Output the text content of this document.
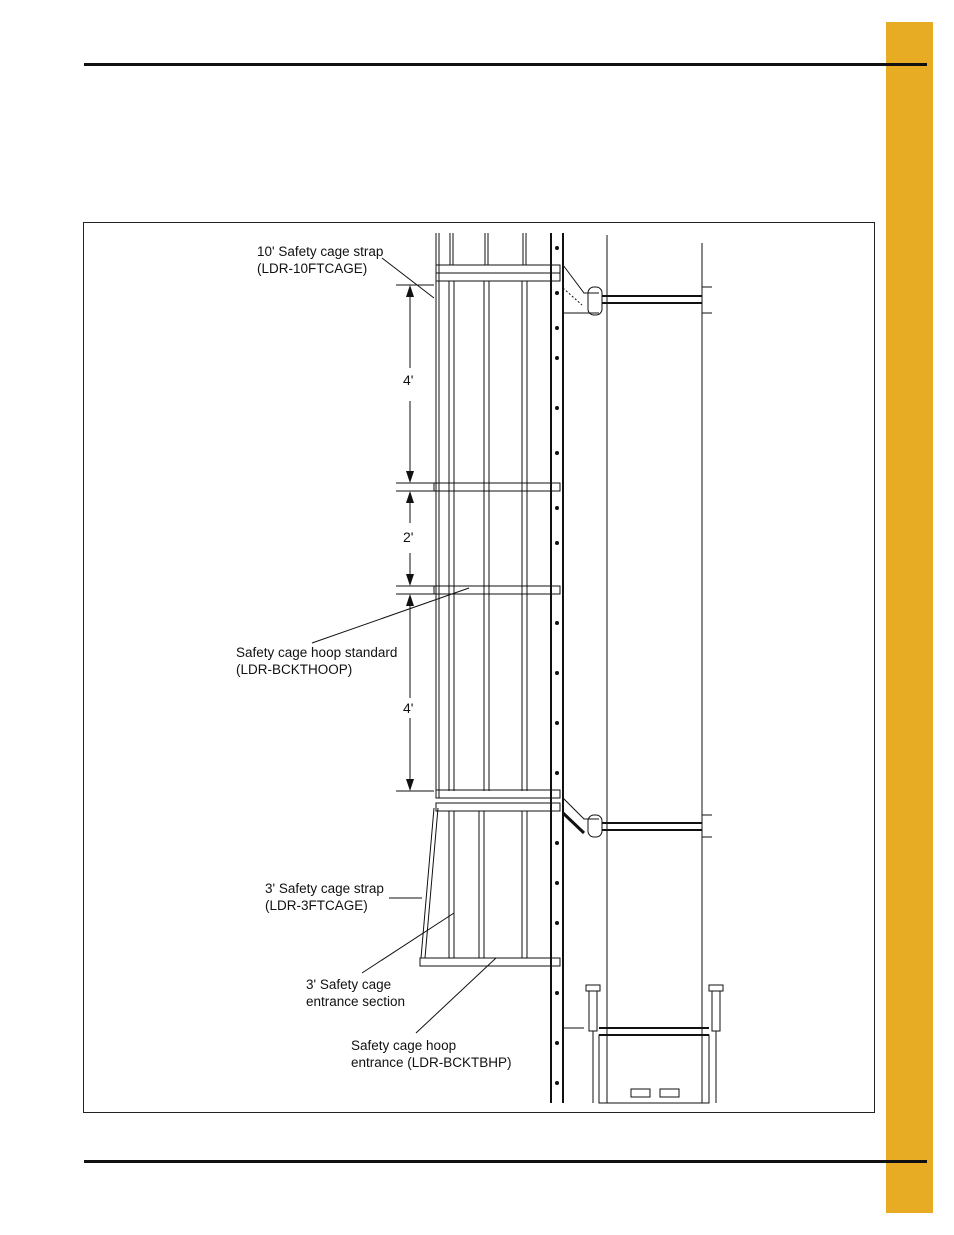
10' Safety cage strap
(LDR-10FTCAGE)
Safety cage hoop standard
(LDR-BCKTHOOP)
3' Safety cage strap
(LDR-3FTCAGE)
3' Safety cage
entrance section
Safety cage hoop
entrance (LDR-BCKTBHP)
4'
2'
4'
